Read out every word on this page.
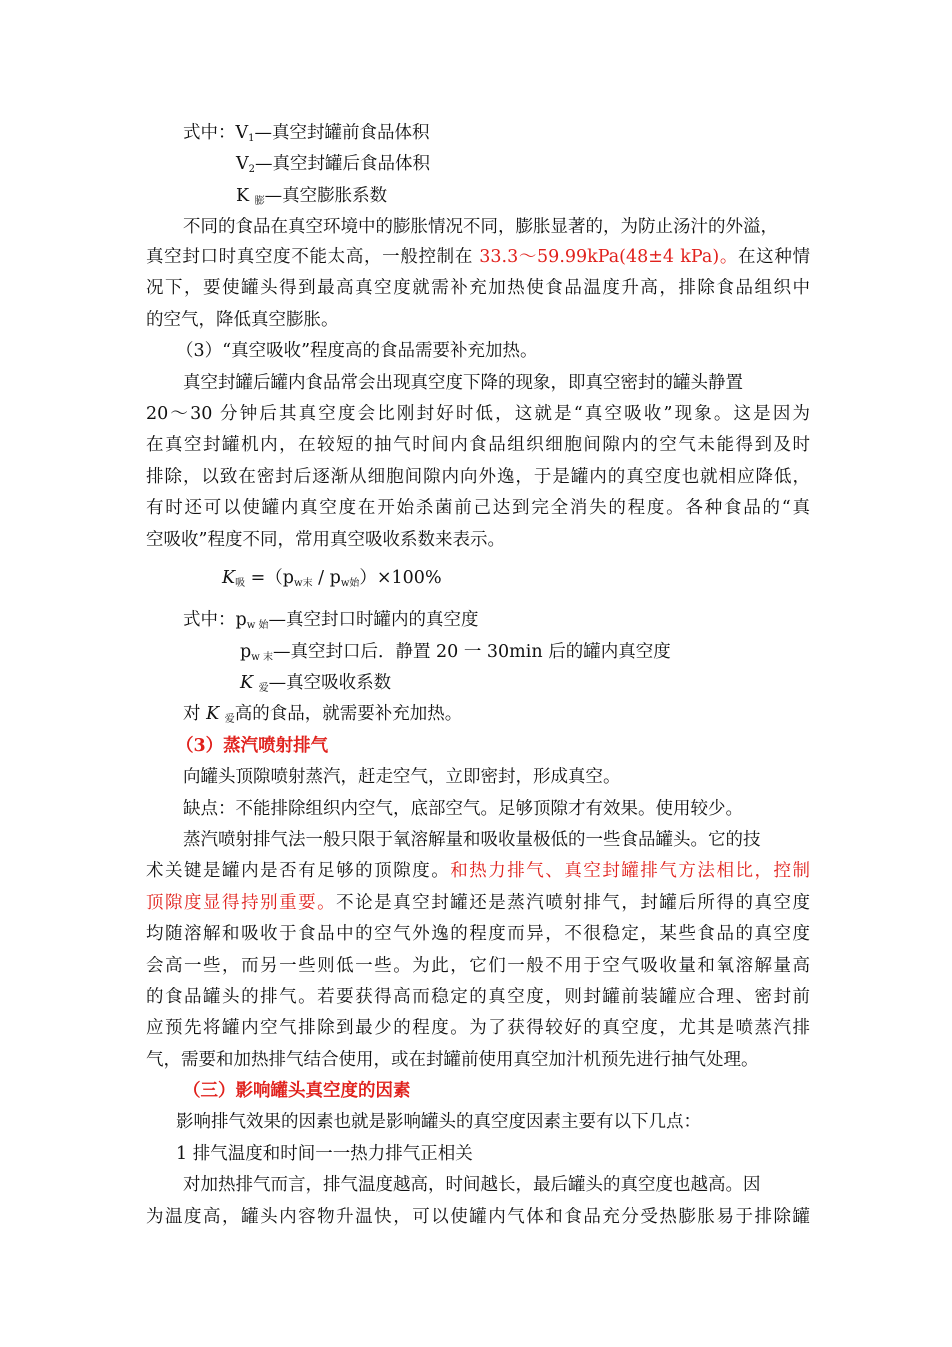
式中：$V_1—$真空封罐前食品体积
$V_2—$真空封罐后食品体积
K $_膨$—真空膨胀系数
不同的食品在真空环境中的膨胀情况不同，膨胀显著的，为防止汤汁的外溢，
真空封口时真空度不能太高，一般控制在 33.3～59.99kPa(48±4 kPa)。在这种情
况下，要使罐头得到最高真空度就需补充加热使食品温度升高，排除食品组织中
的空气，降低真空膨胀。
（3）“真空吸收”程度高的食品需要补充加热。
真空封罐后罐内食品常会出现真空度下降的现象，即真空密封的罐头静置
20～30 分钟后其真空度会比刚封好时低，这就是“真空吸收”现象。这是因为
在真空封罐机内，在较短的抽气时间内食品组织细胞间隙内的空气未能得到及时
排除，以致在密封后逐渐从细胞间隙内向外逸，于是罐内的真空度也就相应降低，
有时还可以使罐内真空度在开始杀菌前己达到完全消失的程度。各种食品的“真
空吸收”程度不同，常用真空吸收系数来表示。
$K_吸 =(p_{w末} / p_{w始})\times 100\%$
式中：$p_{w 始}—$真空封口时罐内的真空度
$p_{w 末}—$真空封口后．静置 20 一 30min 后的罐内真空度
K $_爱$—真空吸收系数
对 K $_爱$高的食品，就需要补充加热。
（3）蒸汽喷射排气
向罐头顶隙喷射蒸汽，赶走空气，立即密封，形成真空。
缺点：不能排除组织内空气，底部空气。足够顶隙才有效果。使用较少。
蒸汽喷射排气法一般只限于氧溶解量和吸收量极低的一些食品罐头。它的技
术关键是罐内是否有足够的顶隙度。和热力排气、真空封罐排气方法相比，控制
顶隙度显得持别重要。不论是真空封罐还是蒸汽喷射排气，封罐后所得的真空度
均随溶解和吸收于食品中的空气外逸的程度而异，不很稳定，某些食品的真空度
会高一些，而另一些则低一些。为此，它们一般不用于空气吸收量和氧溶解量高
的食品罐头的排气。若要获得高而稳定的真空度，则封罐前装罐应合理、密封前
应预先将罐内空气排除到最少的程度。为了获得较好的真空度，尤其是喷蒸汽排
气，需要和加热排气结合使用，或在封罐前使用真空加汁机预先进行抽气处理。
（三）影响罐头真空度的因素
影响排气效果的因素也就是影响罐头的真空度因素主要有以下几点：
1 排气温度和时间一一热力排气正相关
对加热排气而言，排气温度越高，时间越长，最后罐头的真空度也越高。因
为温度高，罐头内容物升温快，可以使罐内气体和食品充分受热膨胀易于排除罐
